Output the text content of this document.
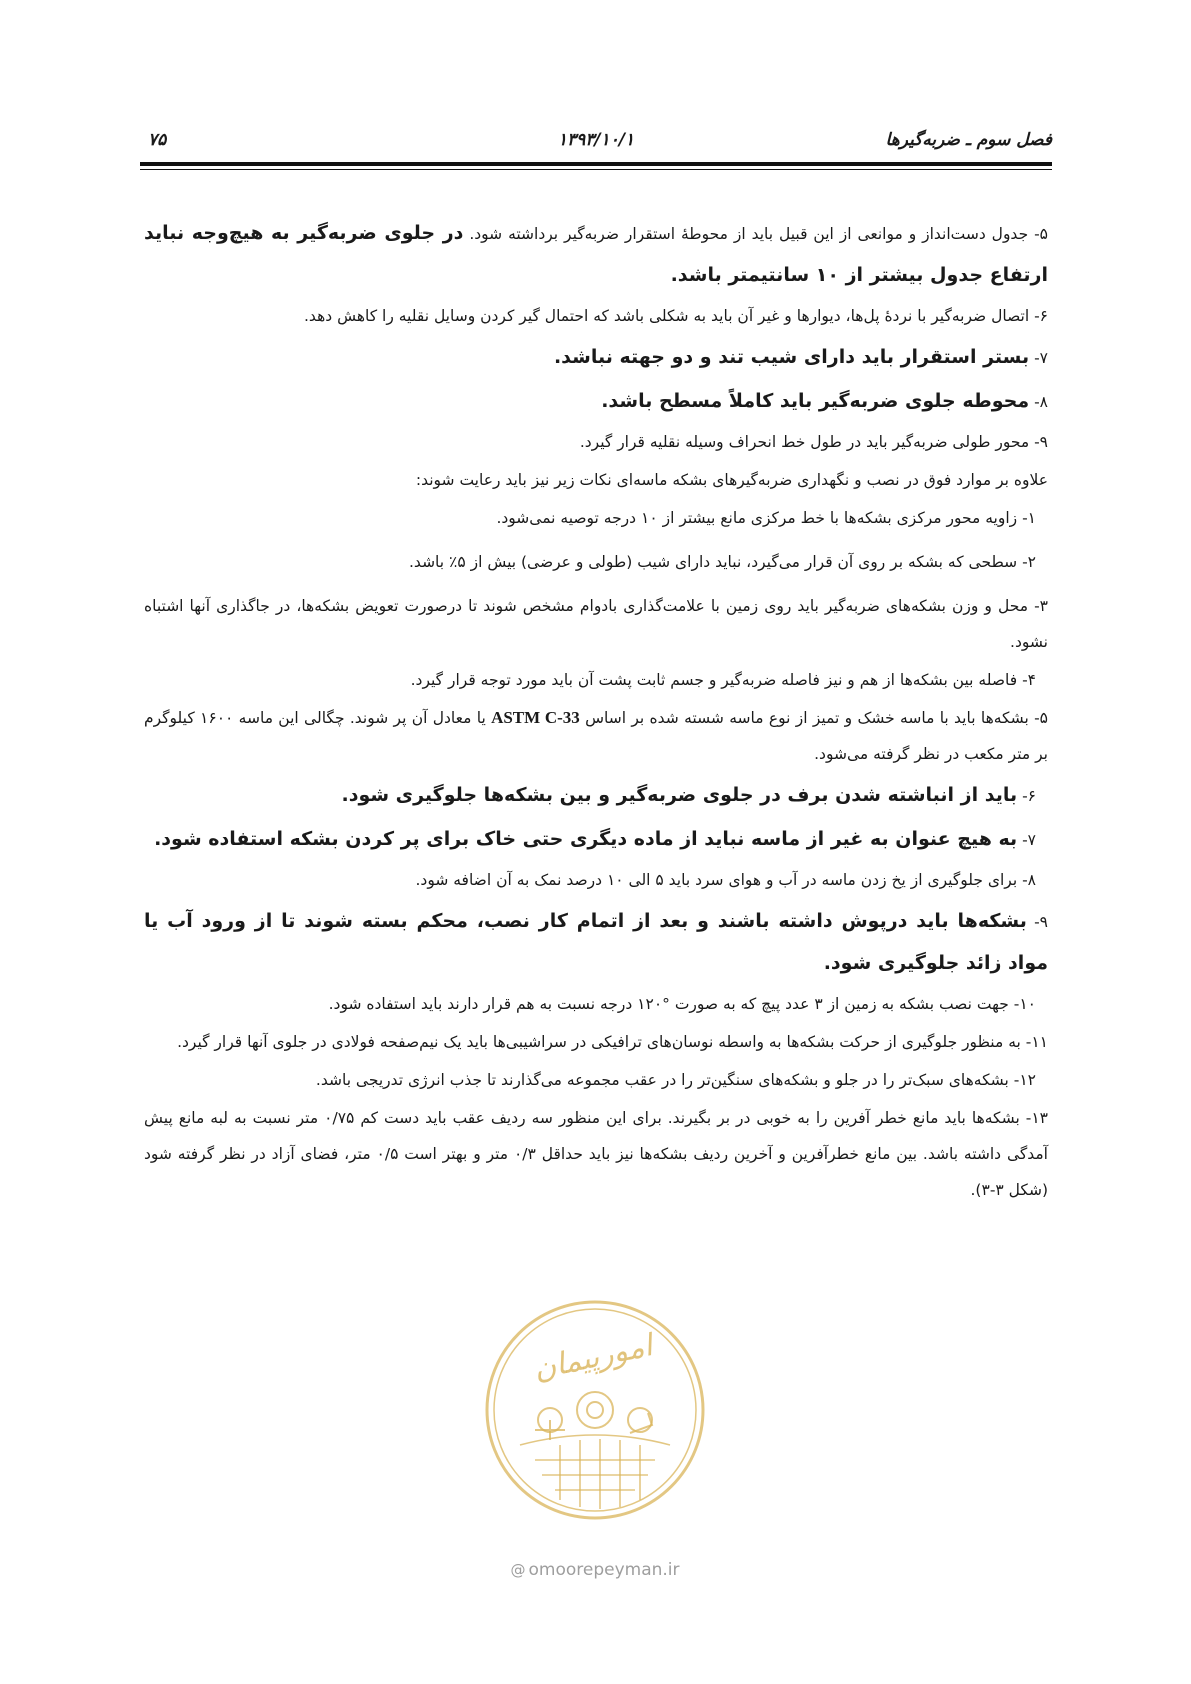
۷۵	۱۳۹۳/۱۰/۱	فصل سوم ـ ضربه‌گیرها

۵- جدول دست‌انداز و موانعی از این قبیل باید از محوطهٔ استقرار ضربه‌گیر برداشته شود. در جلوی ضربه‌گیر به هیچ‌وجه نباید ارتفاع جدول بیشتر از ۱۰ سانتیمتر باشد.

۶- اتصال ضربه‌گیر با نردهٔ پل‌ها، دیوارها و غیر آن باید به شکلی باشد که احتمال گیر کردن وسایل نقلیه را کاهش دهد.

۷- بستر استقرار باید دارای شیب تند و دو جهته نباشد.

۸- محوطه جلوی ضربه‌گیر باید کاملاً مسطح باشد.

۹- محور طولی ضربه‌گیر باید در طول خط انحراف وسیله نقلیه قرار گیرد.

علاوه بر موارد فوق در نصب و نگهداری ضربه‌گیرهای بشکه ماسه‌ای نکات زیر نیز باید رعایت شوند:

۱- زاویه محور مرکزی بشکه‌ها با خط مرکزی مانع بیشتر از ۱۰ درجه توصیه نمی‌شود.

۲- سطحی که بشکه بر روی آن قرار می‌گیرد، نباید دارای شیب (طولی و عرضی) بیش از ۵٪ باشد.

۳- محل و وزن بشکه‌های ضربه‌گیر باید روی زمین با علامت‌گذاری بادوام مشخص شوند تا درصورت تعویض بشکه‌ها، در جاگذاری آنها اشتباه نشود.

۴- فاصله بین بشکه‌ها از هم و نیز فاصله ضربه‌گیر و جسم ثابت پشت آن باید مورد توجه قرار گیرد.

۵- بشکه‌ها باید با ماسه خشک و تمیز از نوع ماسه شسته شده بر اساس ASTM C-33 یا معادل آن پر شوند. چگالی این ماسه ۱۶۰۰ کیلوگرم بر متر مکعب در نظر گرفته می‌شود.

۶- باید از انباشته شدن برف در جلوی ضربه‌گیر و بین بشکه‌ها جلوگیری شود.

۷- به هیچ عنوان به غیر از ماسه نباید از ماده دیگری حتی خاک برای پر کردن بشکه استفاده شود.

۸- برای جلوگیری از یخ زدن ماسه در آب و هوای سرد باید ۵ الی ۱۰ درصد نمک به آن اضافه شود.

۹- بشکه‌ها باید درپوش داشته باشند و بعد از اتمام کار نصب، محکم بسته شوند تا از ورود آب یا مواد زائد جلوگیری شود.

۱۰- جهت نصب بشکه به زمین از ۳ عدد پیچ که به صورت °۱۲۰ درجه نسبت به هم قرار دارند باید استفاده شود.

۱۱- به منظور جلوگیری از حرکت بشکه‌ها به واسطه نوسان‌های ترافیکی در سراشیبی‌ها باید یک نیم‌صفحه فولادی در جلوی آنها قرار گیرد.

۱۲- بشکه‌های سبک‌تر را در جلو و بشکه‌های سنگین‌تر را در عقب مجموعه می‌گذارند تا جذب انرژی تدریجی باشد.

۱۳- بشکه‌ها باید مانع خطر آفرین را به خوبی در بر بگیرند. برای این منظور سه ردیف عقب باید دست کم ۰/۷۵ متر نسبت به لبه مانع پیش آمدگی داشته باشد. بین مانع خطرآفرین و آخرین ردیف بشکه‌ها نیز باید حداقل ۰/۳ متر و بهتر است ۰/۵ متر، فضای آزاد در نظر گرفته شود (شکل ۳-۳).

امورپیمان
@ omoorepeyman.ir
